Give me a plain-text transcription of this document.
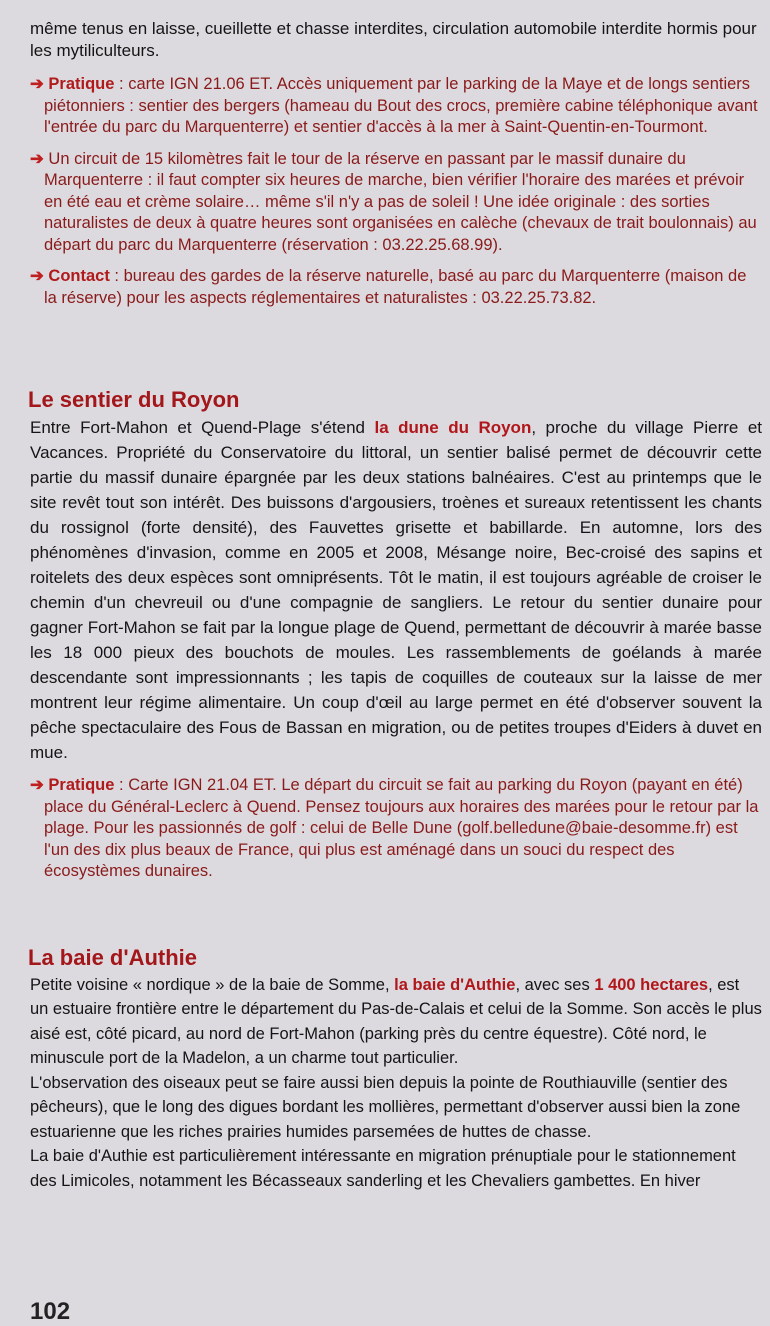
même tenus en laisse, cueillette et chasse interdites, circulation automobile interdite hormis pour les mytiliculteurs.

➔ Pratique : carte IGN 21.06 ET. Accès uniquement par le parking de la Maye et de longs sentiers piétonniers : sentier des bergers (hameau du Bout des crocs, première cabine téléphonique avant l'entrée du parc du Marquenterre) et sentier d'accès à la mer à Saint-Quentin-en-Tourmont.

➔ Un circuit de 15 kilomètres fait le tour de la réserve en passant par le massif dunaire du Marquenterre : il faut compter six heures de marche, bien vérifier l'horaire des marées et prévoir en été eau et crème solaire… même s'il n'y a pas de soleil ! Une idée originale : des sorties naturalistes de deux à quatre heures sont organisées en calèche (chevaux de trait boulonnais) au départ du parc du Marquenterre (réservation : 03.22.25.68.99).

➔ Contact : bureau des gardes de la réserve naturelle, basé au parc du Marquenterre (maison de la réserve) pour les aspects réglementaires et naturalistes : 03.22.25.73.82.

Le sentier du Royon

Entre Fort-Mahon et Quend-Plage s'étend la dune du Royon, proche du village Pierre et Vacances. Propriété du Conservatoire du littoral, un sentier balisé permet de découvrir cette partie du massif dunaire épargnée par les deux stations balnéaires. C'est au printemps que le site revêt tout son intérêt. Des buissons d'argousiers, troènes et sureaux retentissent les chants du rossignol (forte densité), des Fauvettes grisette et babillarde. En automne, lors des phénomènes d'invasion, comme en 2005 et 2008, Mésange noire, Bec-croisé des sapins et roitelets des deux espèces sont omniprésents. Tôt le matin, il est toujours agréable de croiser le chemin d'un chevreuil ou d'une compagnie de sangliers. Le retour du sentier dunaire pour gagner Fort-Mahon se fait par la longue plage de Quend, permettant de découvrir à marée basse les 18 000 pieux des bouchots de moules. Les rassemblements de goélands à marée descendante sont impressionnants ; les tapis de coquilles de couteaux sur la laisse de mer montrent leur régime alimentaire. Un coup d'œil au large permet en été d'observer souvent la pêche spectaculaire des Fous de Bassan en migration, ou de petites troupes d'Eiders à duvet en mue.

➔ Pratique : Carte IGN 21.04 ET. Le départ du circuit se fait au parking du Royon (payant en été) place du Général-Leclerc à Quend. Pensez toujours aux horaires des marées pour le retour par la plage. Pour les passionnés de golf : celui de Belle Dune (golf.belledune@baie-desomme.fr) est l'un des dix plus beaux de France, qui plus est aménagé dans un souci du respect des écosystèmes dunaires.

La baie d'Authie

Petite voisine « nordique » de la baie de Somme, la baie d'Authie, avec ses 1 400 hectares, est un estuaire frontière entre le département du Pas-de-Calais et celui de la Somme. Son accès le plus aisé est, côté picard, au nord de Fort-Mahon (parking près du centre équestre). Côté nord, le minuscule port de la Madelon, a un charme tout particulier.

L'observation des oiseaux peut se faire aussi bien depuis la pointe de Routhiauville (sentier des pêcheurs), que le long des digues bordant les mollières, permettant d'observer aussi bien la zone estuarienne que les riches prairies humides parsemées de huttes de chasse.

La baie d'Authie est particulièrement intéressante en migration prénuptiale pour le stationnement des Limicoles, notamment les Bécasseaux sanderling et les Chevaliers gambettes. En hiver

102
